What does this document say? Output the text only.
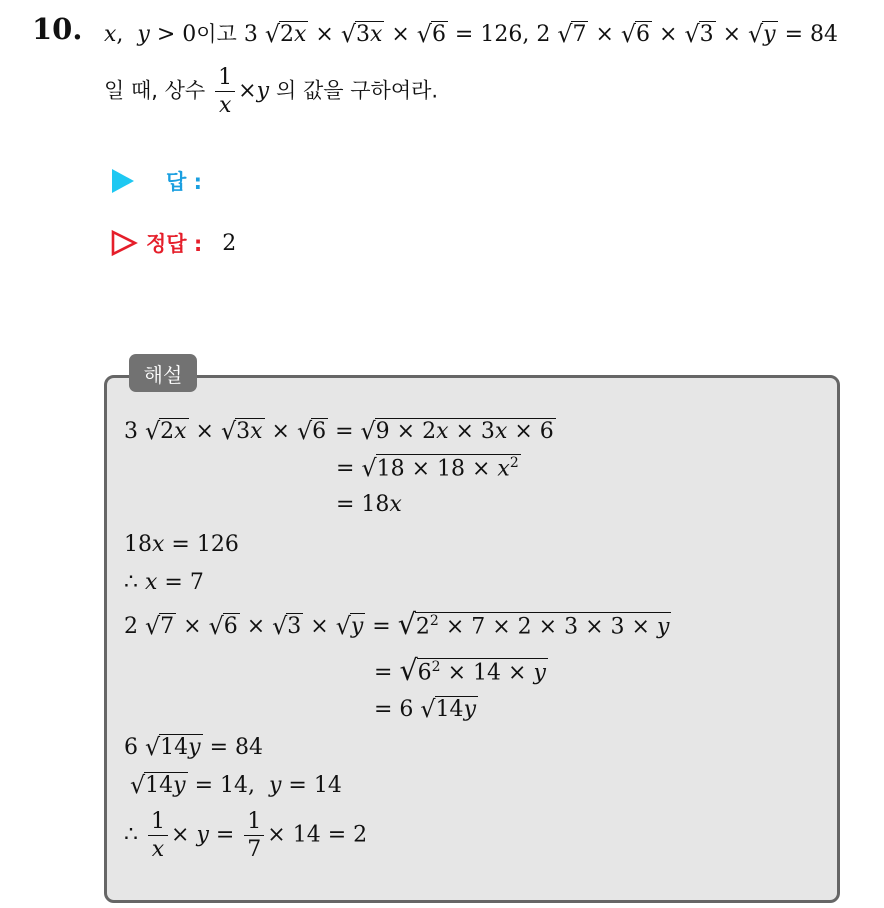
10. x,  y > 0이고 3 √2x × √3x × √6 = 126, 2 √7 × √6 × √3 × √y = 84
일 때, 상수 $\frac{1}{x} \times y$ 의 값을 구하여라.
답 :
정답 : 2
해설
3 √2x × √3x × √6 = √9 × 2x × 3x × 6
= $√18 \times 18 \times x^2$
= 18x
18x = 126
∴ x = 7
2 $√7 \times √6 \times √3 \times √y = √2^2 \times 7 \times 2 \times 3 \times 3 \times y$
= $√6^2 \times 14 \times y$
= 6 √14y
6 √14y = 84
√14y = 14,  y = 14
∴ $\frac{1}{x} \times y = \frac{1}{7} \times 14 = 2$
